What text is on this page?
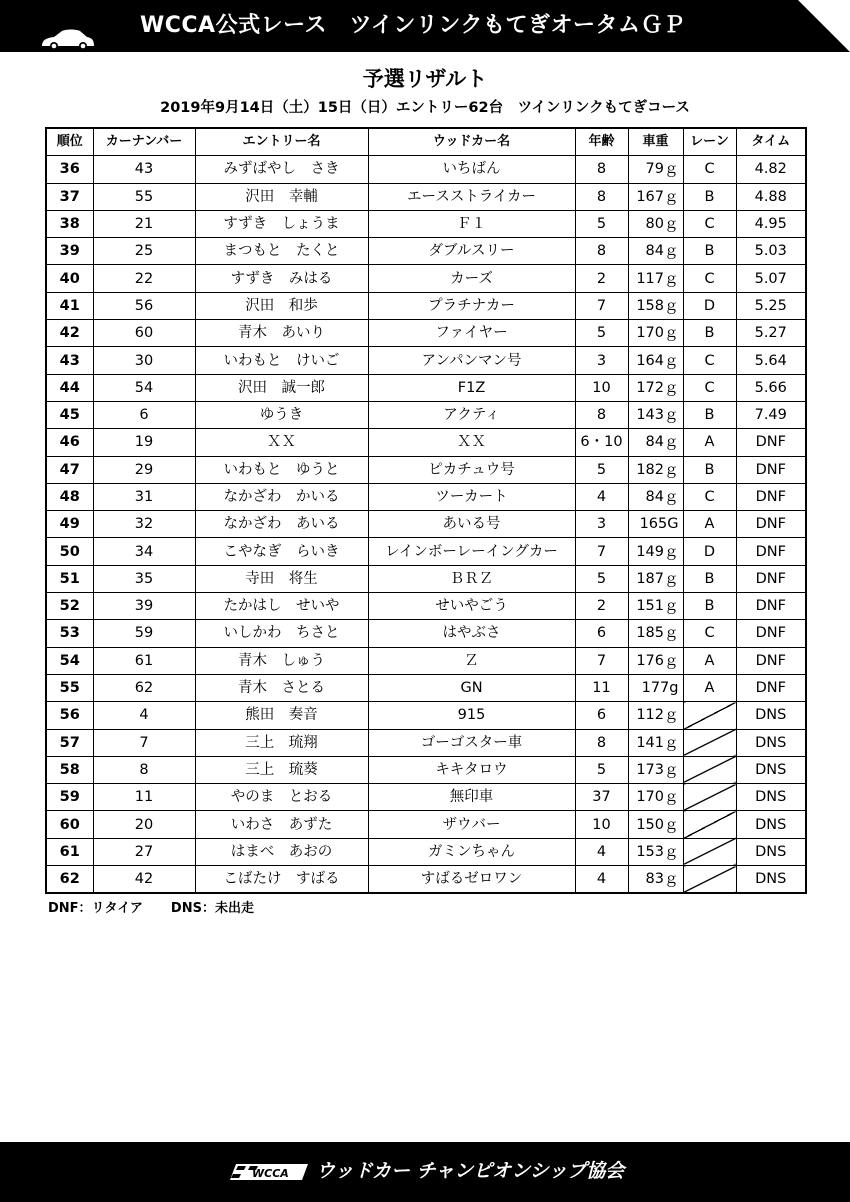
WCCA公式レース　ツインリンクもてぎオータムＧＰ
予選リザルト
2019年9月14日（土）15日（日）エントリー62台　ツインリンクもてぎコース
順位	カーナンバー	エントリー名	ウッドカー名	年齢	車重	レーン	タイム
36	43	みずばやし　さき	いちばん	8	79ｇ	C	4.82
37	55	沢田　幸輔	エースストライカー	8	167ｇ	B	4.88
38	21	すずき　しょうま	Ｆ１	5	80ｇ	C	4.95
39	25	まつもと　たくと	ダブルスリー	8	84ｇ	B	5.03
40	22	すずき　みはる	カーズ	2	117ｇ	C	5.07
41	56	沢田　和歩	プラチナカー	7	158ｇ	D	5.25
42	60	青木　あいり	ファイヤー	5	170ｇ	B	5.27
43	30	いわもと　けいご	アンパンマン号	3	164ｇ	C	5.64
44	54	沢田　誠一郎	F1Z	10	172ｇ	C	5.66
45	6	ゆうき	アクティ	8	143ｇ	B	7.49
46	19	ＸＸ	ＸＸ	6・10	84ｇ	A	DNF
47	29	いわもと　ゆうと	ピカチュウ号	5	182ｇ	B	DNF
48	31	なかざわ　かいる	ツーカート	4	84ｇ	C	DNF
49	32	なかざわ　あいる	あいる号	3	165G	A	DNF
50	34	こやなぎ　らいき	レインボーレーイングカー	7	149ｇ	D	DNF
51	35	寺田　将生	ＢＲＺ	5	187ｇ	B	DNF
52	39	たかはし　せいや	せいやごう	2	151ｇ	B	DNF
53	59	いしかわ　ちさと	はやぶさ	6	185ｇ	C	DNF
54	61	青木　しゅう	Ｚ	7	176ｇ	A	DNF
55	62	青木　さとる	GN	11	177g	A	DNF
56	4	熊田　奏音	915	6	112ｇ		DNS
57	7	三上　琉翔	ゴーゴスター車	8	141ｇ		DNS
58	8	三上　琉葵	キキタロウ	5	173ｇ		DNS
59	11	やのま　とおる	無印車	37	170ｇ		DNS
60	20	いわさ　あずた	ザウバー	10	150ｇ		DNS
61	27	はまべ　あおの	ガミンちゃん	4	153ｇ		DNS
62	42	こばたけ　すばる	すばるゼロワン	4	83ｇ		DNS
DNF：リタイア DNS：未出走
WCCA ウッドカー チャンピオンシップ協会
